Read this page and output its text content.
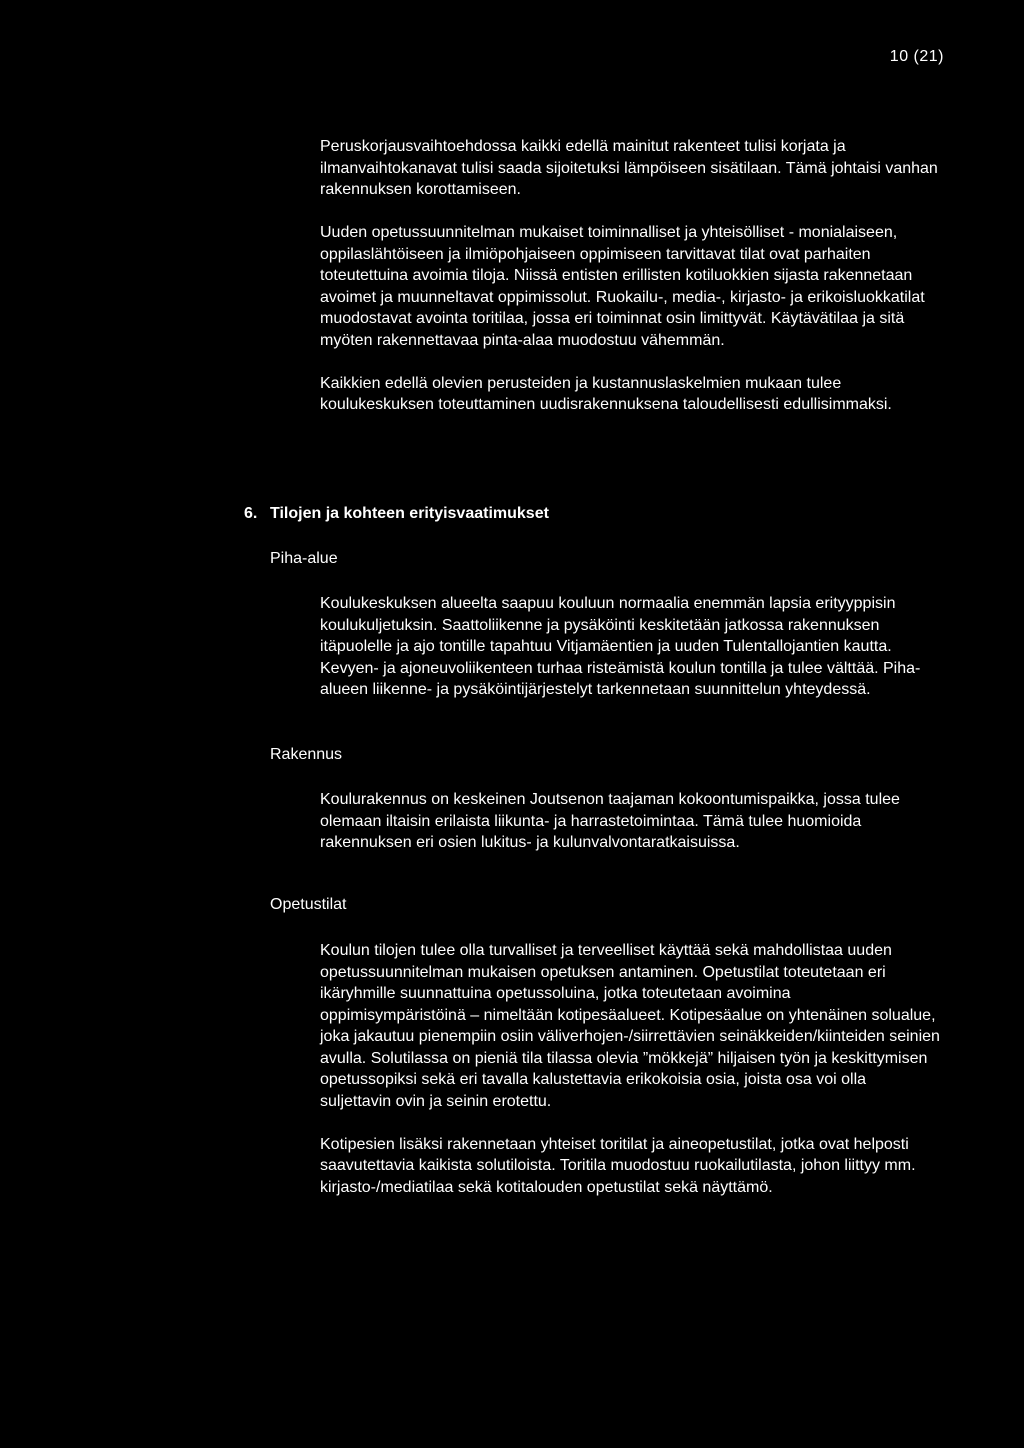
10 (21)

Peruskorjausvaihtoehdossa kaikki edellä mainitut rakenteet tulisi korjata ja ilmanvaihtokanavat tulisi saada sijoitetuksi lämpöiseen sisätilaan. Tämä johtaisi vanhan rakennuksen korottamiseen.

Uuden opetussuunnitelman mukaiset toiminnalliset ja yhteisölliset - monialaiseen, oppilaslähtöiseen ja ilmiöpohjaiseen oppimiseen tarvittavat tilat ovat parhaiten toteutettuina avoimia tiloja. Niissä entisten erillisten kotiluokkien sijasta rakennetaan avoimet ja muunneltavat oppimissolut. Ruokailu-, media-, kirjasto- ja erikoisluokkatilat muodostavat avointa toritilaa, jossa eri toiminnat osin limittyvät. Käytävätilaa ja sitä myöten rakennettavaa pinta-alaa muodostuu vähemmän.

Kaikkien edellä olevien perusteiden ja kustannuslaskelmien mukaan tulee koulukeskuksen toteuttaminen uudisrakennuksena taloudellisesti edullisimmaksi.

6. Tilojen ja kohteen erityisvaatimukset
Piha-alue

Koulukeskuksen alueelta saapuu kouluun normaalia enemmän lapsia erityyppisin koulukuljetuksin. Saattoliikenne ja pysäköinti keskitetään jatkossa rakennuksen itäpuolelle ja ajo tontille tapahtuu Vitjamäentien ja uuden Tulentallojantien kautta. Kevyen- ja ajoneuvoliikenteen turhaa risteämistä koulun tontilla ja tulee välttää. Piha-alueen liikenne- ja pysäköintijärjestelyt tarkennetaan suunnittelun yhteydessä.

Rakennus

Koulurakennus on keskeinen Joutsenon taajaman kokoontumispaikka, jossa tulee olemaan iltaisin erilaista liikunta- ja harrastetoimintaa. Tämä tulee huomioida rakennuksen eri osien lukitus- ja kulunvalvontaratkaisuissa.

Opetustilat

Koulun tilojen tulee olla turvalliset ja terveelliset käyttää sekä mahdollistaa uuden opetussuunnitelman mukaisen opetuksen antaminen. Opetustilat toteutetaan eri ikäryhmille suunnattuina opetussoluina, jotka toteutetaan avoimina oppimisympäristöinä – nimeltään kotipesäalueet. Kotipesäalue on yhtenäinen solualue, joka jakautuu pienempiin osiin väliverhojen-/siirrettävien seinäkkeiden/kiinteiden seinien avulla. Solutilassa on pieniä tila tilassa olevia ”mökkejä” hiljaisen työn ja keskittymisen opetussopiksi sekä eri tavalla kalustettavia erikokoisia osia, joista osa voi olla suljettavin ovin ja seinin erotettu.

Kotipesien lisäksi rakennetaan yhteiset toritilat ja aineopetustilat, jotka ovat helposti saavutettavia kaikista solutiloista. Toritila muodostuu ruokailutilasta, johon liittyy mm. kirjasto-/mediatilaa sekä kotitalouden opetustilat sekä näyttämö.
